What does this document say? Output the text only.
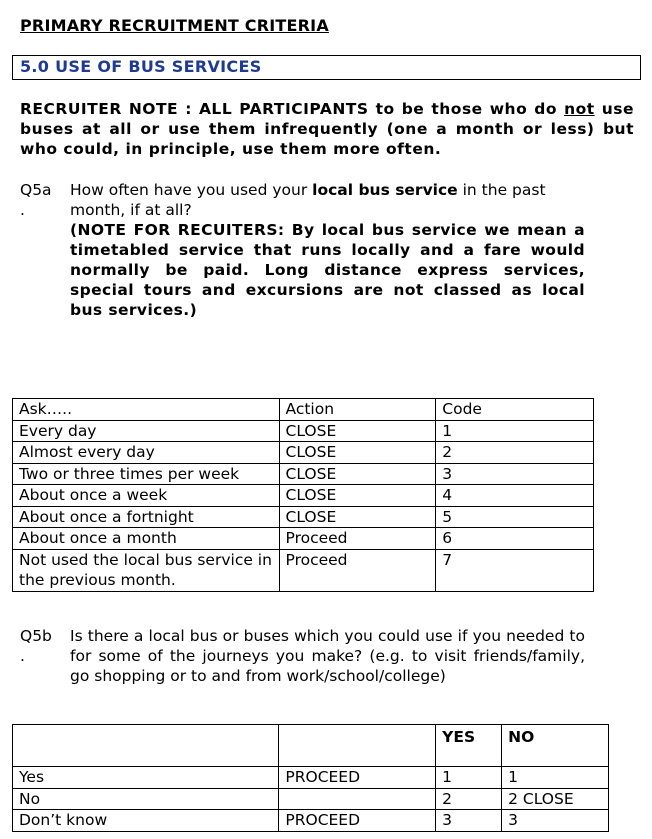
PRIMARY RECRUITMENT CRITERIA
5.0 USE OF BUS SERVICES
RECRUITER NOTE : ALL PARTICIPANTS to be those who do not use buses at all or use them infrequently (one a month or less) but who could, in principle, use them more often.
Q5a
.
How often have you used your local bus service in the past month, if at all?
(NOTE FOR RECUITERS: By local bus service we mean a timetabled service that runs locally and a fare would normally be paid. Long distance express services, special tours and excursions are not classed as local bus services.)
Ask…..	Action	Code
Every day	CLOSE	1
Almost every day	CLOSE	2
Two or three times per week	CLOSE	3
About once a week	CLOSE	4
About once a fortnight	CLOSE	5
About once a month	Proceed	6
Not used the local bus service in the previous month.	Proceed	7
Q5b
.
Is there a local bus or buses which you could use if you needed to for some of the journeys you make? (e.g. to visit friends/family, go shopping or to and from work/school/college)
		YES	NO
Yes	PROCEED	1	1
No		2	2 CLOSE
Don’t know	PROCEED	3	3
